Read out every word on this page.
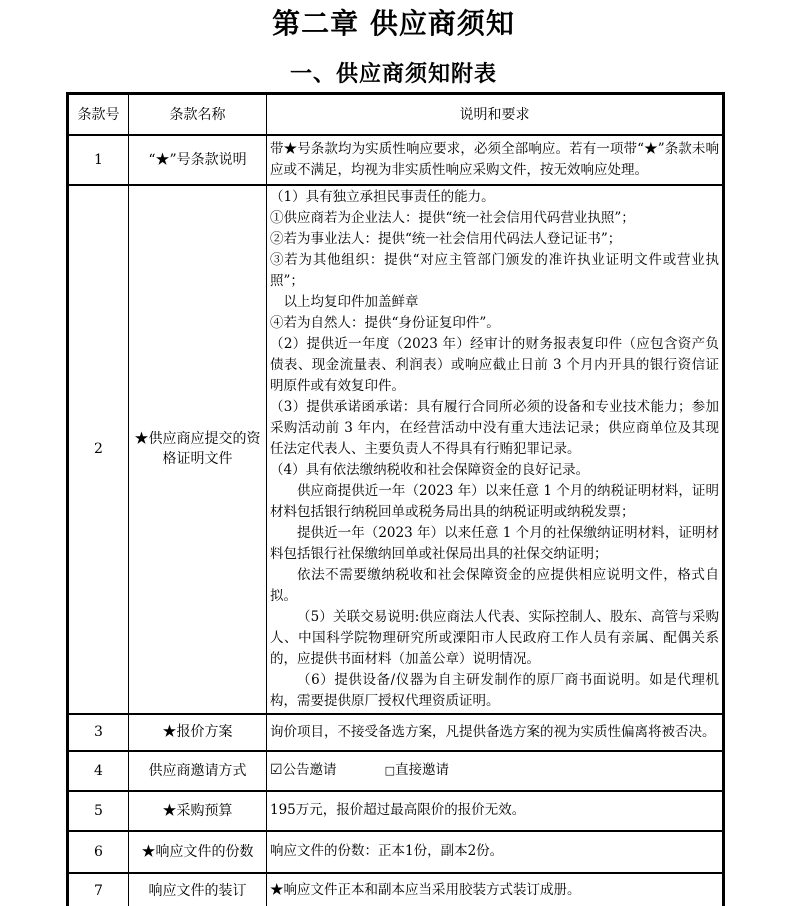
第二章 供应商须知
一、供应商须知附表
条款号	条款名称	说明和要求
1	“★”号条款说明	带★号条款均为实质性响应要求，必须全部响应。若有一项带“★”条款未响应或不满足，均视为非实质性响应采购文件，按无效响应处理。
2	★供应商应提交的资格证明文件	

（1）具有独立承担民事责任的能力。

①供应商若为企业法人：提供“统一社会信用代码营业执照”；

②若为事业法人：提供“统一社会信用代码法人登记证书”；

③若为其他组织：提供“对应主管部门颁发的准许执业证明文件或营业执照”；

以上均复印件加盖鲜章

④若为自然人：提供“身份证复印件”。

（2）提供近一年度（2023 年）经审计的财务报表复印件（应包含资产负债表、现金流量表、利润表）或响应截止日前 3 个月内开具的银行资信证明原件或有效复印件。

（3）提供承诺函承诺：具有履行合同所必须的设备和专业技术能力；参加采购活动前 3 年内，在经营活动中没有重大违法记录；供应商单位及其现任法定代表人、主要负责人不得具有行贿犯罪记录。

（4）具有依法缴纳税收和社会保障资金的良好记录。

供应商提供近一年（2023 年）以来任意 1 个月的纳税证明材料，证明材料包括银行纳税回单或税务局出具的纳税证明或纳税发票；

提供近一年（2023 年）以来任意 1 个月的社保缴纳证明材料，证明材料包括银行社保缴纳回单或社保局出具的社保交纳证明；

依法不需要缴纳税收和社会保障资金的应提供相应说明文件，格式自拟。

（5）关联交易说明:供应商法人代表、实际控制人、股东、高管与采购人、中国科学院物理研究所或溧阳市人民政府工作人员有亲属、配偶关系的，应提供书面材料（加盖公章）说明情况。

（6）提供设备/仪器为自主研发制作的原厂商书面说明。如是代理机构，需要提供原厂授权代理资质证明。

3	★报价方案	询价项目，不接受备选方案，凡提供备选方案的视为实质性偏离将被否决。
4	供应商邀请方式	☑公告邀请 □直接邀请
5	★采购预算	195万元，报价超过最高限价的报价无效。
6	★响应文件的份数	响应文件的份数：正本1份，副本2份。
7	响应文件的装订	★响应文件正本和副本应当采用胶装方式装订成册。
